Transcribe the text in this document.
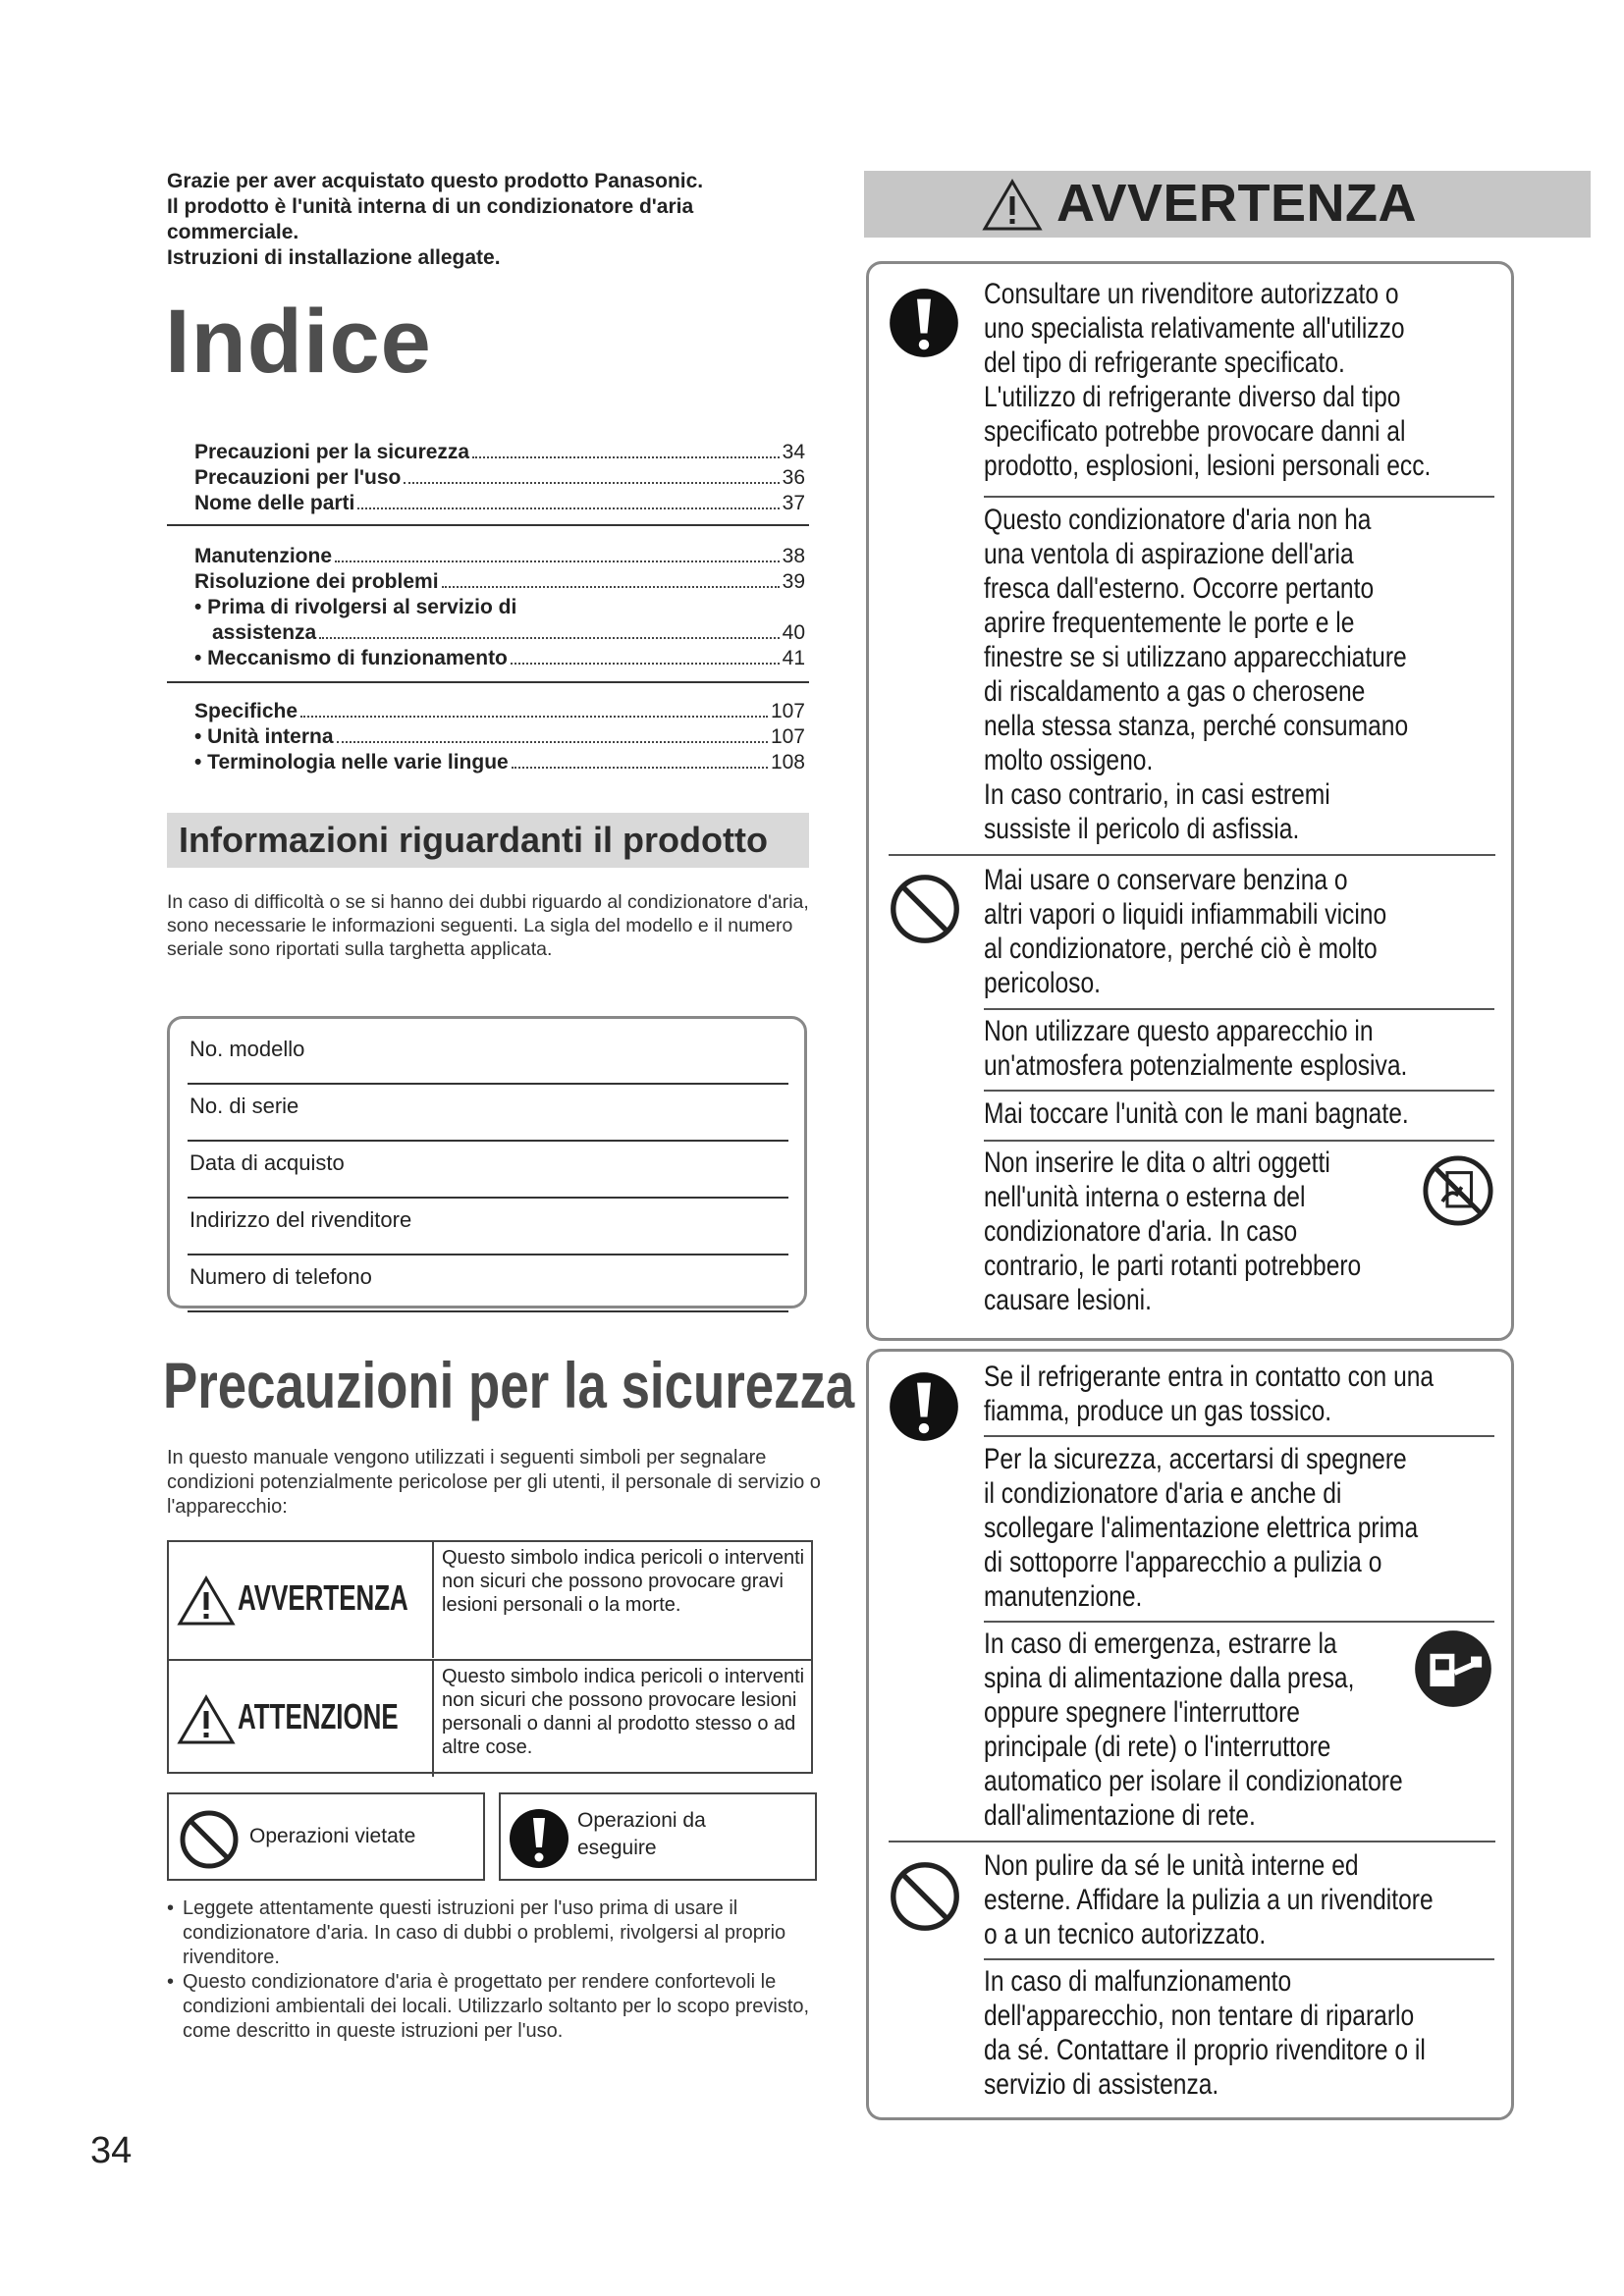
Grazie per aver acquistato questo prodotto Panasonic.
Il prodotto è l'unità interna di un condizionatore d'aria
commerciale.
Istruzioni di installazione allegate.
Indice
Precauzioni per la sicurezza	34
Precauzioni per l'uso	36
Nome delle parti	37
Manutenzione	38
Risoluzione dei problemi	39
• Prima di rivolgersi al servizio di
assistenza	40
• Meccanismo di funzionamento	41
Specifiche	107
• Unità interna	107
• Terminologia nelle varie lingue	108
Informazioni riguardanti il prodotto
In caso di difficoltà o se si hanno dei dubbi riguardo al condizionatore d'aria, sono necessarie le informazioni seguenti. La sigla del modello e il numero seriale sono riportati sulla targhetta applicata.
No. modello
No. di serie
Data di acquisto
Indirizzo del rivenditore
Numero di telefono
Precauzioni per la sicurezza
In questo manuale vengono utilizzati i seguenti simboli per segnalare condizioni potenzialmente pericolose per gli utenti, il personale di servizio o l'apparecchio:
AVVERTENZA
Questo simbolo indica pericoli o interventi non sicuri che possono provocare gravi lesioni personali o la morte.
ATTENZIONE
Questo simbolo indica pericoli o interventi non sicuri che possono provocare lesioni personali o danni al prodotto stesso o ad altre cose.
Operazioni vietate
Operazioni da
eseguire
• Leggete attentamente questi istruzioni per l'uso prima di usare il condizionatore d'aria. In caso di dubbi o problemi, rivolgersi al proprio rivenditore.
• Questo condizionatore d'aria è progettato per rendere confortevoli le condizioni ambientali dei locali. Utilizzarlo soltanto per lo scopo previsto, come descritto in queste istruzioni per l'uso.
34
AVVERTENZA
Consultare un rivenditore autorizzato o
uno specialista relativamente all'utilizzo
del tipo di refrigerante specificato.
L'utilizzo di refrigerante diverso dal tipo
specificato potrebbe provocare danni al
prodotto, esplosioni, lesioni personali ecc.
Questo condizionatore d'aria non ha
una ventola di aspirazione dell'aria
fresca dall'esterno. Occorre pertanto
aprire frequentemente le porte e le
finestre se si utilizzano apparecchiature
di riscaldamento a gas o cherosene
nella stessa stanza, perché consumano
molto ossigeno.
In caso contrario, in casi estremi
sussiste il pericolo di asfissia.
Mai usare o conservare benzina o
altri vapori o liquidi infiammabili vicino
al condizionatore, perché ciò è molto
pericoloso.
Non utilizzare questo apparecchio in
un'atmosfera potenzialmente esplosiva.
Mai toccare l'unità con le mani bagnate.
Non inserire le dita o altri oggetti
nell'unità interna o esterna del
condizionatore d'aria. In caso
contrario, le parti rotanti potrebbero
causare lesioni.
Se il refrigerante entra in contatto con una
fiamma, produce un gas tossico.
Per la sicurezza, accertarsi di spegnere
il condizionatore d'aria e anche di
scollegare l'alimentazione elettrica prima
di sottoporre l'apparecchio a pulizia o
manutenzione.
In caso di emergenza, estrarre la
spina di alimentazione dalla presa,
oppure spegnere l'interruttore
principale (di rete) o l'interruttore
automatico per isolare il condizionatore
dall'alimentazione di rete.
Non pulire da sé le unità interne ed
esterne. Affidare la pulizia a un rivenditore
o a un tecnico autorizzato.
In caso di malfunzionamento
dell'apparecchio, non tentare di ripararlo
da sé. Contattare il proprio rivenditore o il
servizio di assistenza.
